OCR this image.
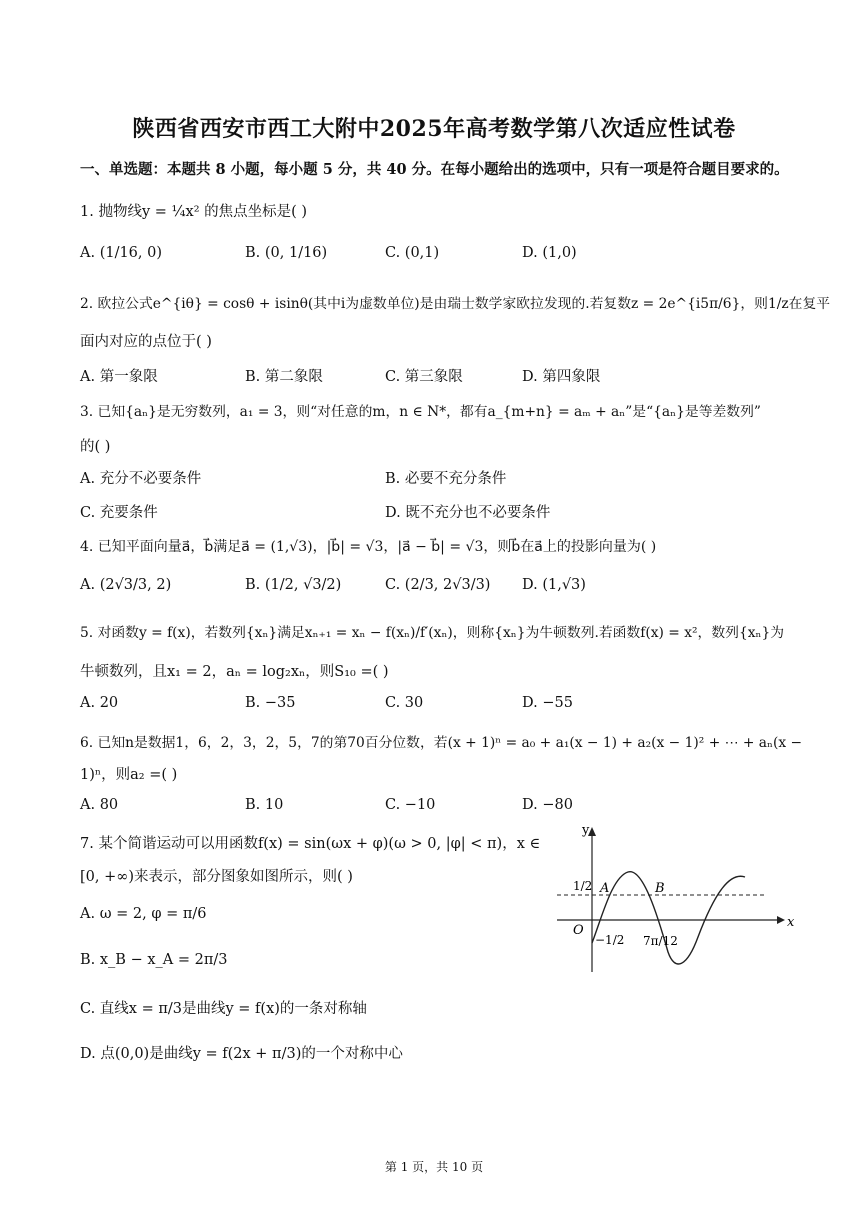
陕西省西安市西工大附中2025年高考数学第八次适应性试卷
一、单选题：本题共 8 小题，每小题 5 分，共 40 分。在每小题给出的选项中，只有一项是符合题目要求的。
1. 抛物线y = ¼x² 的焦点坐标是( )
A. (1/16, 0)	B. (0, 1/16)	C. (0,1)	D. (1,0)
2. 欧拉公式e^{iθ} = cosθ + isinθ(其中i为虚数单位)是由瑞士数学家欧拉发现的.若复数z = 2e^{i5π/6}，则1/z在复平
面内对应的点位于( )
A. 第一象限	B. 第二象限	C. 第三象限	D. 第四象限
3. 已知{aₙ}是无穷数列，a₁ = 3，则“对任意的m，n ∈ N*，都有a_{m+n} = aₘ + aₙ”是“{aₙ}是等差数列”
的( )
A. 充分不必要条件	B. 必要不充分条件
C. 充要条件	D. 既不充分也不必要条件
4. 已知平面向量a⃗，b⃗满足a⃗ = (1,√3)，|b⃗| = √3，|a⃗ − b⃗| = √3，则b⃗在a⃗上的投影向量为( )
A. (2√3/3, 2)	B. (1/2, √3/2)	C. (2/3, 2√3/3) D. (1,√3)
5. 对函数y = f(x)，若数列{xₙ}满足xₙ₊₁ = xₙ − f(xₙ)/f′(xₙ)，则称{xₙ}为牛顿数列.若函数f(x) = x²，数列{xₙ}为
牛顿数列，且x₁ = 2，aₙ = log₂xₙ，则S₁₀ =( )
A. 20	B. −35	C. 30	D. −55
6. 已知n是数据1，6，2，3，2，5，7的第70百分位数，若(x + 1)ⁿ = a₀ + a₁(x − 1) + a₂(x − 1)² + ⋯ + aₙ(x −
1)ⁿ，则a₂ =( )
A. 80	B. 10	C. −10	D. −80
7. 某个简谐运动可以用函数f(x) = sin(ωx + φ)(ω > 0, |φ| < π)，x ∈
[0, +∞)来表示，部分图象如图所示，则( )
A. ω = 2, φ = π/6
B. x_B − x_A = 2π/3
C. 直线x = π/3是曲线y = f(x)的一条对称轴
D. 点(0,0)是曲线y = f(2x + π/3)的一个对称中心
y
x
O
1/2
−1/2 7π/12
A	B
第 1 页，共 10 页
